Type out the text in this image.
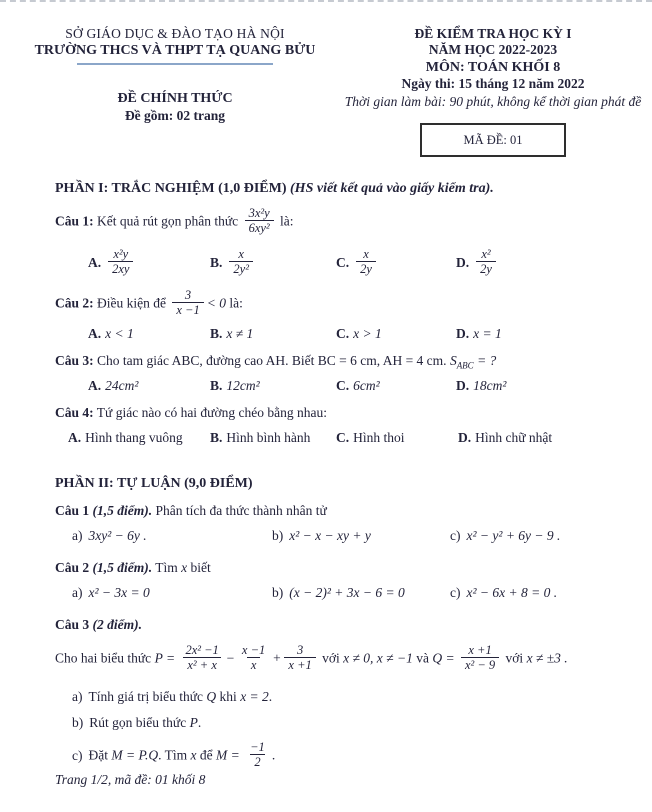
SỞ GIÁO DỤC & ĐÀO TẠO HÀ NỘI
TRƯỜNG THCS VÀ THPT TẠ QUANG BỬU
ĐỀ CHÍNH THỨC
Đề gồm: 02 trang
ĐỀ KIỂM TRA HỌC KỲ I
NĂM HỌC 2022-2023
MÔN: TOÁN KHỐI 8
Ngày thi: 15 tháng 12 năm 2022
Thời gian làm bài: 90 phút, không kể thời gian phát đề
MÃ ĐỀ: 01
PHẦN I: TRẮC NGHIỆM (1,0 ĐIỂM) (HS viết kết quả vào giấy kiểm tra).
Câu 1: Kết quả rút gọn phân thức $\frac{\text{3x²y}}{\text{6xy²}}$ là:
A. $\frac{\text{x²y}}{2xy}$	B. $\frac{x}{\text{2y²}}$	C. $\frac{x}{2y}$	D. $\frac{\text{x²}}{2y}$
Câu 2: Điều kiện để $\frac{3}{x -1} < 0$ là:
A. x < 1	B. x ≠ 1	C. x > 1	D. x = 1
Câu 3: Cho tam giác ABC, đường cao AH. Biết BC = 6 cm, AH = 4 cm. $S_{ABC}$ = ?
A. 24cm²	B. 12cm²	C. 6cm²	D. 18cm²
Câu 4: Tứ giác nào có hai đường chéo bằng nhau:
A. Hình thang vuông	B. Hình bình hành	C. Hình thoi	D. Hình chữ nhật
PHẦN II: TỰ LUẬN (9,0 ĐIỂM)
Câu 1 (1,5 điểm). Phân tích đa thức thành nhân tử
a) 3xy² − 6y .	b) x² − x − xy + y	c) x² − y² + 6y − 9 .
Câu 2 (1,5 điểm). Tìm x biết
a) x² − 3x = 0	b) (x − 2)² + 3x − 6 = 0	c) x² − 6x + 8 = 0 .
Câu 3 (2 điểm).
Cho hai biểu thức $P = \frac{\text{2x² −1}}{\text{x² + x}} - \frac{x -1}{x} + \frac{3}{x +1}$ với x ≠ 0, x ≠ −1 và $Q = \frac{x +1}{\text{x² − 9}}$ với x ≠ ±3 .
a) Tính giá trị biểu thức Q khi x = 2.
b) Rút gọn biểu thức P.
c) Đặt M = P.Q. Tìm x để $M = \frac{-1}{2}$ .
Trang 1/2, mã đề: 01 khối 8
